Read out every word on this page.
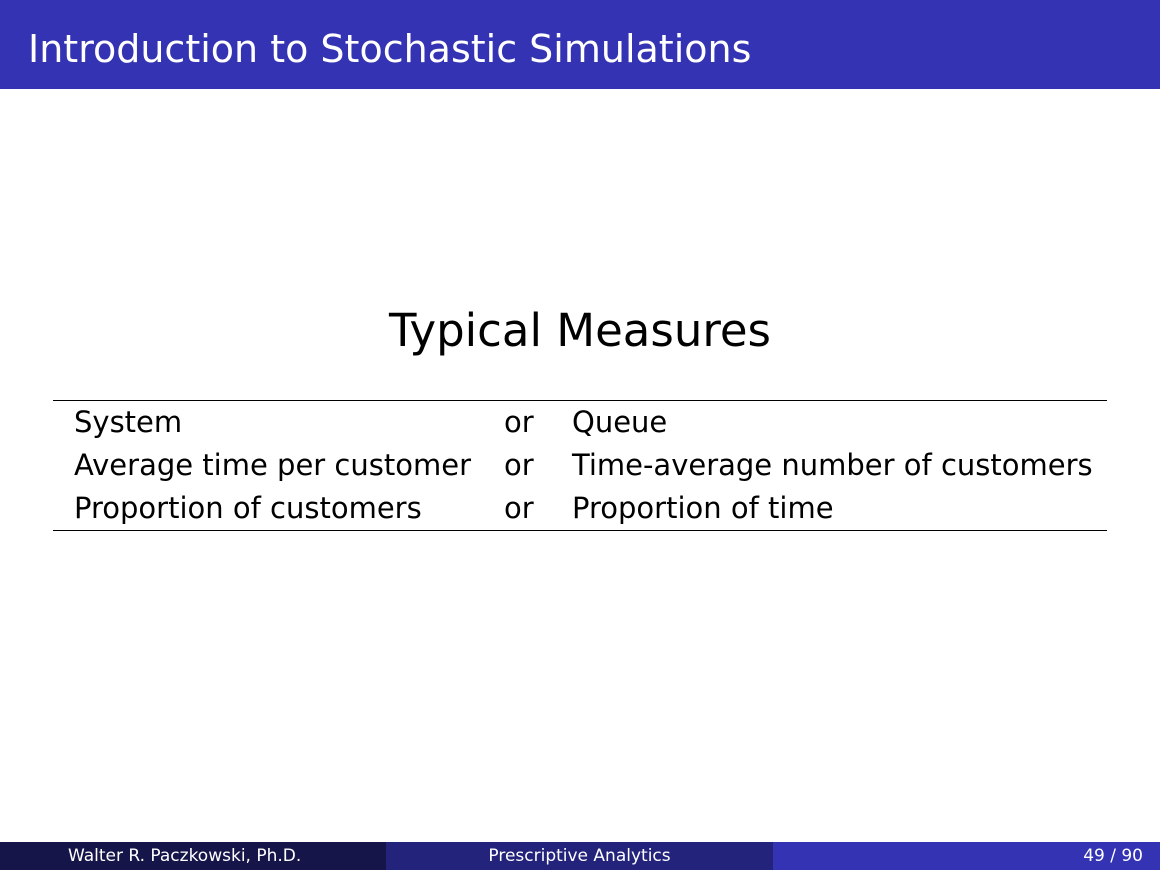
Introduction to Stochastic Simulations
Typical Measures
System	or Queue
Average time per customer or Time-average number of customers
Proportion of customers	or Proportion of time
Walter R. Paczkowski, Ph.D.	Prescriptive Analytics	49 / 90
